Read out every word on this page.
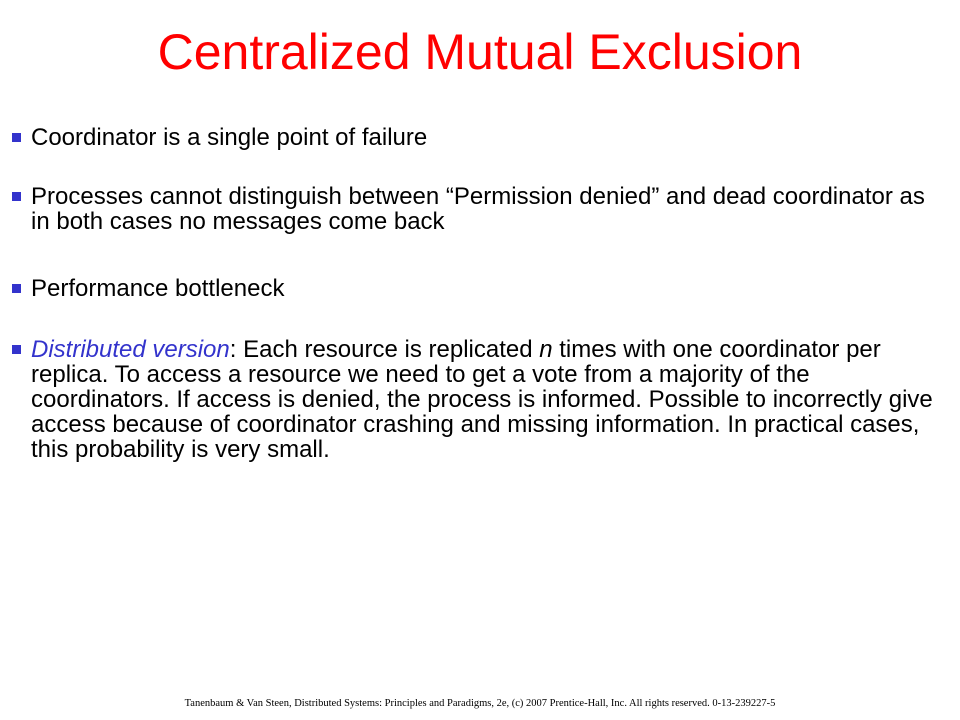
Centralized Mutual Exclusion
Coordinator is a single point of failure
Processes cannot distinguish between “Permission denied” and dead coordinator as in both cases no messages come back
Performance bottleneck
Distributed version: Each resource is replicated n times with one coordinator per replica. To access a resource we need to get a vote from a majority of the coordinators. If access is denied, the process is informed. Possible to incorrectly give access because of coordinator crashing and missing information. In practical cases, this probability is very small.
Tanenbaum & Van Steen, Distributed Systems: Principles and Paradigms, 2e, (c) 2007 Prentice-Hall, Inc. All rights reserved. 0-13-239227-5
